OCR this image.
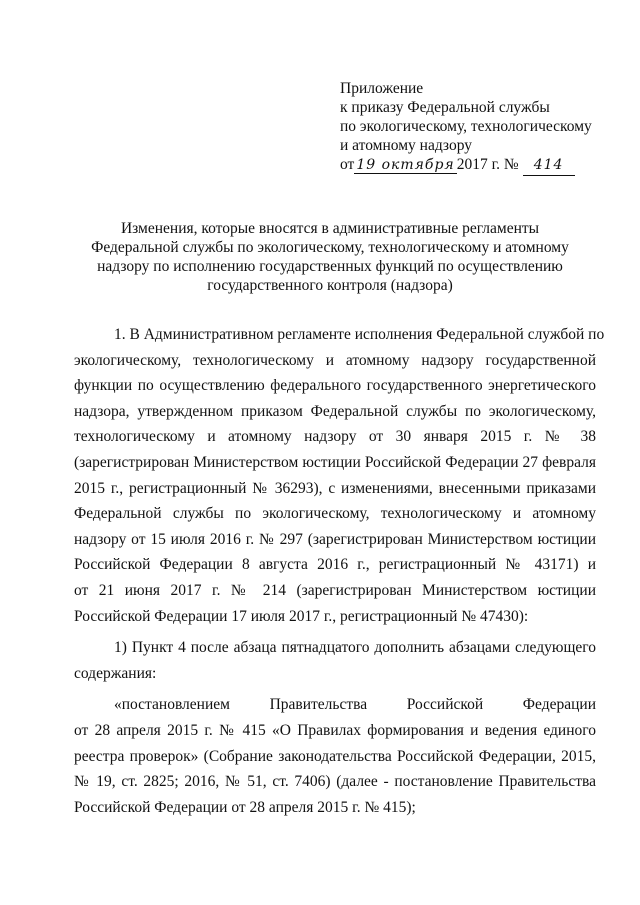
Приложение
к приказу Федеральной службы
по экологическому, технологическому
и атомному надзору
от 19 октября 2017 г. № 414
Изменения, которые вносятся в административные регламенты
Федеральной службы по экологическому, технологическому и атомному
надзору по исполнению государственных функций по осуществлению
государственного контроля (надзора)
1. В Административном регламенте исполнения Федеральной службой по
экологическому, технологическому и атомному надзору государственной
функции по осуществлению федерального государственного энергетического
надзора, утвержденном приказом Федеральной службы по экологическому,
технологическому и атомному надзору от 30 января 2015 г. № 38
(зарегистрирован Министерством юстиции Российской Федерации 27 февраля
2015 г., регистрационный № 36293), с изменениями, внесенными приказами
Федеральной службы по экологическому, технологическому и атомному
надзору от 15 июля 2016 г. № 297 (зарегистрирован Министерством юстиции
Российской Федерации 8 августа 2016 г., регистрационный № 43171) и
от 21 июня 2017 г. № 214 (зарегистрирован Министерством юстиции
Российской Федерации 17 июля 2017 г., регистрационный № 47430):
1) Пункт 4 после абзаца пятнадцатого дополнить абзацами следующего
содержания:
«постановлением Правительства Российской Федерации
от 28 апреля 2015 г. № 415 «О Правилах формирования и ведения единого
реестра проверок» (Собрание законодательства Российской Федерации, 2015,
№ 19, ст. 2825; 2016, № 51, ст. 7406) (далее - постановление Правительства
Российской Федерации от 28 апреля 2015 г. № 415);
